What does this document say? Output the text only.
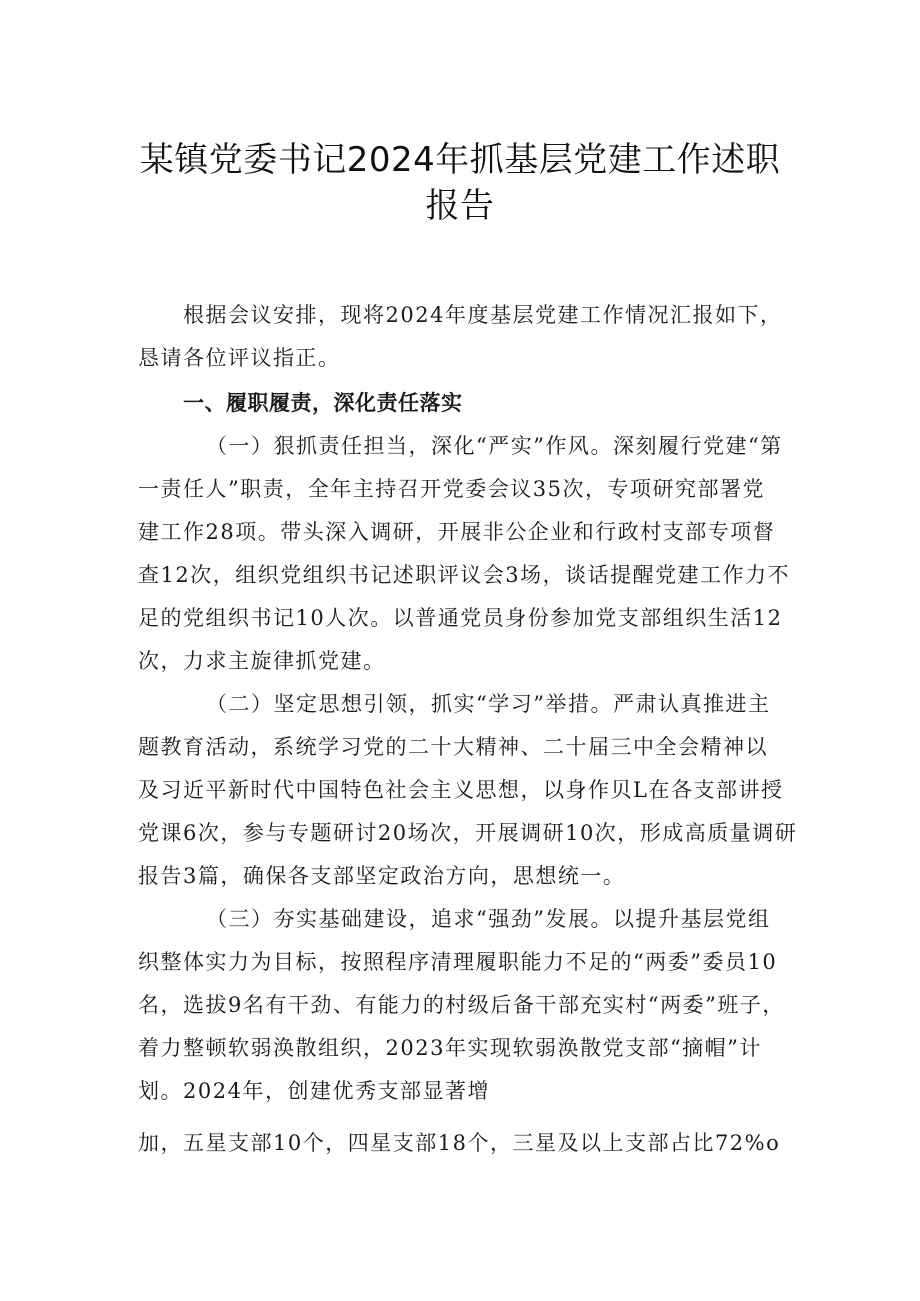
某镇党委书记2024年抓基层党建工作述职
报告
根据会议安排，现将2024年度基层党建工作情况汇报如下，
恳请各位评议指正。
一、履职履责，深化责任落实
（一）狠抓责任担当，深化“严实”作风。深刻履行党建“第
一责任人”职责，全年主持召开党委会议35次，专项研究部署党
建工作28项。带头深入调研，开展非公企业和行政村支部专项督
查12次，组织党组织书记述职评议会3场，谈话提醒党建工作力不
足的党组织书记10人次。以普通党员身份参加党支部组织生活12
次，力求主旋律抓党建。
（二）坚定思想引领，抓实“学习”举措。严肃认真推进主
题教育活动，系统学习党的二十大精神、二十届三中全会精神以
及习近平新时代中国特色社会主义思想，以身作贝L在各支部讲授
党课6次，参与专题研讨20场次，开展调研10次，形成高质量调研
报告3篇，确保各支部坚定政治方向，思想统一。
（三）夯实基础建设，追求“强劲”发展。以提升基层党组
织整体实力为目标，按照程序清理履职能力不足的“两委”委员10
名，选拔9名有干劲、有能力的村级后备干部充实村“两委”班子，
着力整顿软弱涣散组织，2023年实现软弱涣散党支部“摘帽”计
划。2024年，创建优秀支部显著增
加，五星支部10个，四星支部18个，三星及以上支部占比72%o
